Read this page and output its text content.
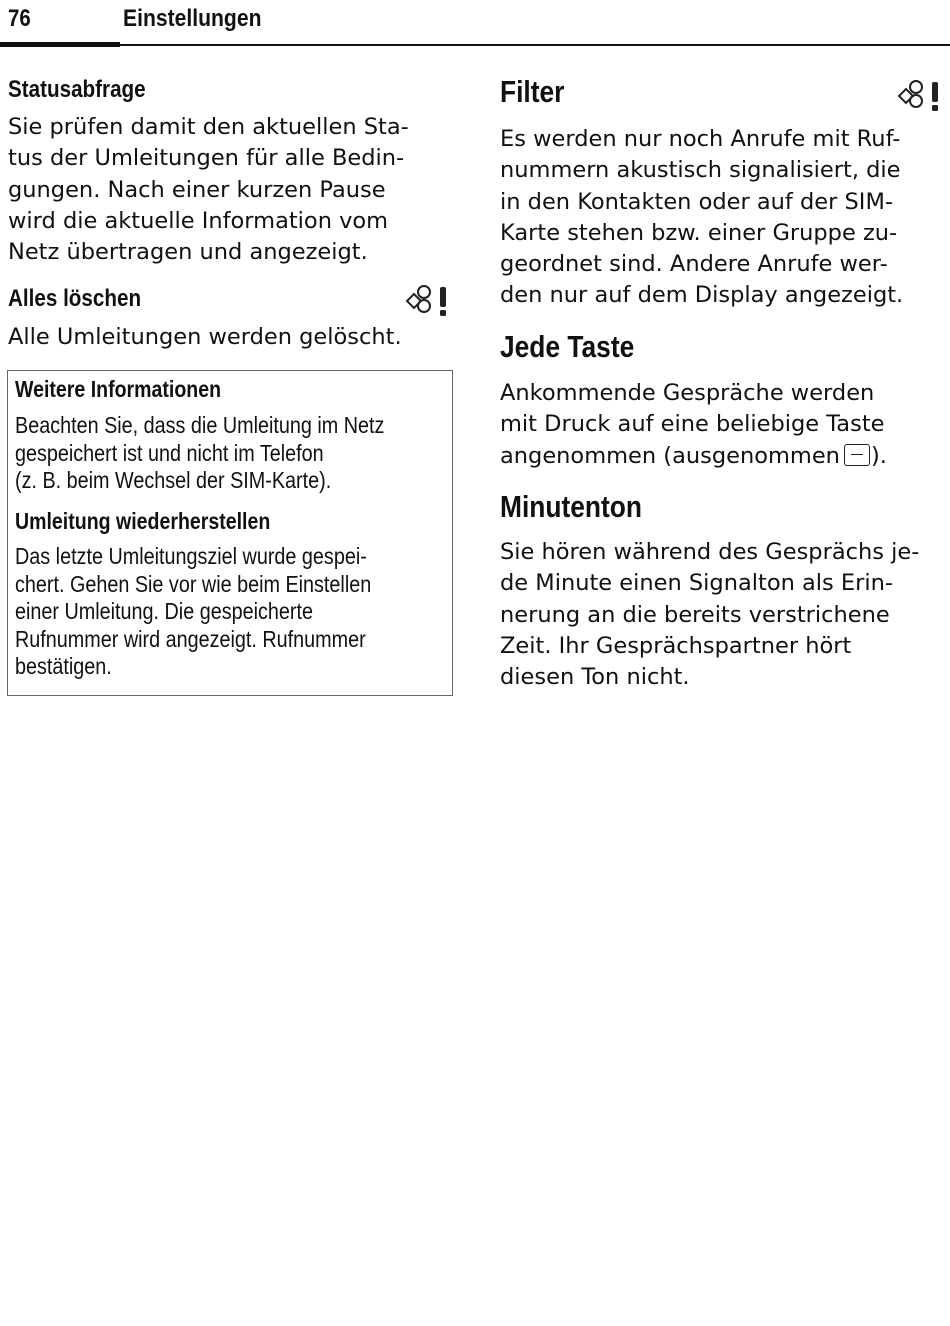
76	Einstellungen
Statusabfrage
Sie prüfen damit den aktuellen Sta-
tus der Umleitungen für alle Bedin-
gungen. Nach einer kurzen Pause
wird die aktuelle Information vom
Netz übertragen und angezeigt.
Alles löschen
Alle Umleitungen werden gelöscht.
Weitere Informationen
Beachten Sie, dass die Umleitung im Netz
gespeichert ist und nicht im Telefon
(z. B. beim Wechsel der SIM-Karte).
Umleitung wiederherstellen
Das letzte Umleitungsziel wurde gespei-
chert. Gehen Sie vor wie beim Einstellen
einer Umleitung. Die gespeicherte
Rufnummer wird angezeigt. Rufnummer
bestätigen.
Filter
Es werden nur noch Anrufe mit Ruf-
nummern akustisch signalisiert, die
in den Kontakten oder auf der SIM-
Karte stehen bzw. einer Gruppe zu-
geordnet sind. Andere Anrufe wer-
den nur auf dem Display angezeigt.
Jede Taste
Ankommende Gespräche werden
mit Druck auf eine beliebige Taste
angenommen (ausgenommen ).
Minutenton
Sie hören während des Gesprächs je-
de Minute einen Signalton als Erin-
nerung an die bereits verstrichene
Zeit. Ihr Gesprächspartner hört
diesen Ton nicht.
